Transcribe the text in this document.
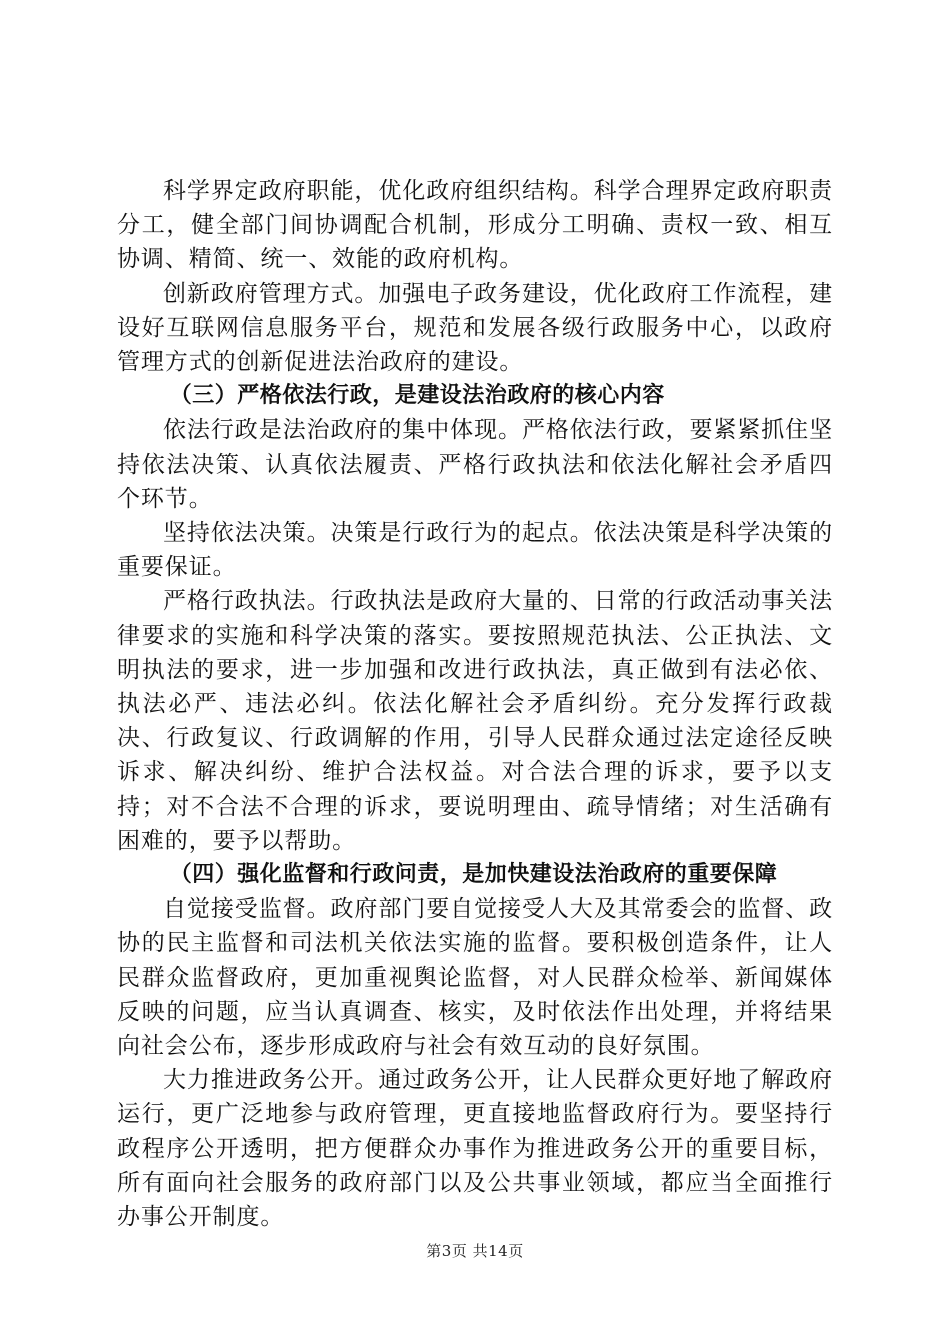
科学界定政府职能，优化政府组织结构。科学合理界定政府职责分工，健全部门间协调配合机制，形成分工明确、责权一致、相互协调、精简、统一、效能的政府机构。

创新政府管理方式。加强电子政务建设，优化政府工作流程，建设好互联网信息服务平台，规范和发展各级行政服务中心，以政府管理方式的创新促进法治政府的建设。

（三）严格依法行政，是建设法治政府的核心内容

依法行政是法治政府的集中体现。严格依法行政，要紧紧抓住坚持依法决策、认真依法履责、严格行政执法和依法化解社会矛盾四个环节。

坚持依法决策。决策是行政行为的起点。依法决策是科学决策的重要保证。

严格行政执法。行政执法是政府大量的、日常的行政活动事关法律要求的实施和科学决策的落实。要按照规范执法、公正执法、文明执法的要求，进一步加强和改进行政执法，真正做到有法必依、执法必严、违法必纠。依法化解社会矛盾纠纷。充分发挥行政裁决、行政复议、行政调解的作用，引导人民群众通过法定途径反映诉求、解决纠纷、维护合法权益。对合法合理的诉求，要予以支持；对不合法不合理的诉求，要说明理由、疏导情绪；对生活确有困难的，要予以帮助。

（四）强化监督和行政问责，是加快建设法治政府的重要保障

自觉接受监督。政府部门要自觉接受人大及其常委会的监督、政协的民主监督和司法机关依法实施的监督。要积极创造条件，让人民群众监督政府，更加重视舆论监督，对人民群众检举、新闻媒体反映的问题，应当认真调查、核实，及时依法作出处理，并将结果向社会公布，逐步形成政府与社会有效互动的良好氛围。

大力推进政务公开。通过政务公开，让人民群众更好地了解政府运行，更广泛地参与政府管理，更直接地监督政府行为。要坚持行政程序公开透明，把方便群众办事作为推进政务公开的重要目标，所有面向社会服务的政府部门以及公共事业领域，都应当全面推行办事公开制度。

第3页 共14页
